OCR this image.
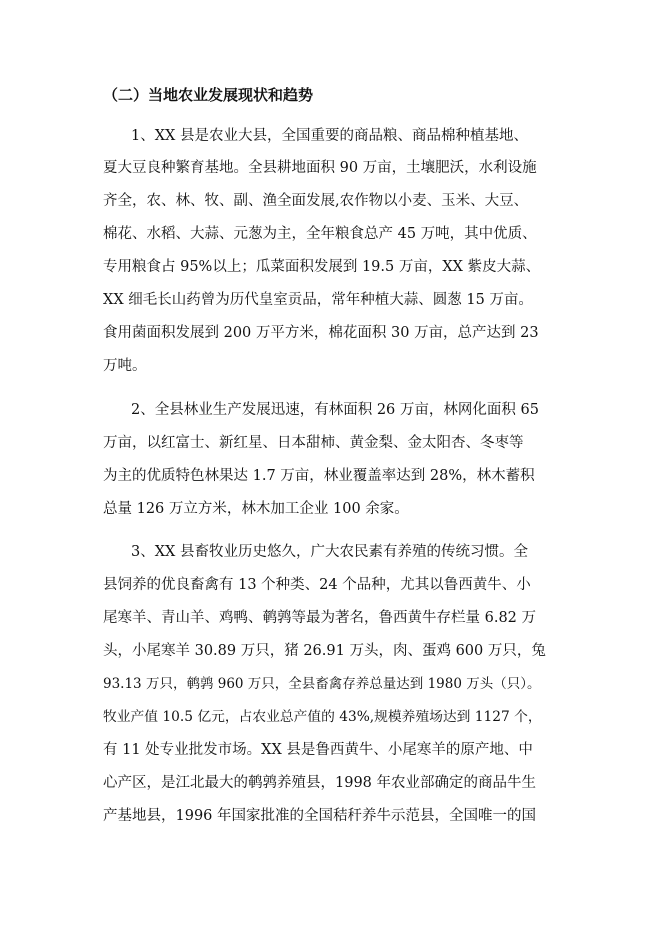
（二）当地农业发展现状和趋势
1、XX 县是农业大县，全国重要的商品粮、商品棉种植基地、
夏大豆良种繁育基地。全县耕地面积 90 万亩，土壤肥沃，水利设施
齐全，农、林、牧、副、渔全面发展,农作物以小麦、玉米、大豆、
棉花、水稻、大蒜、元葱为主，全年粮食总产 45 万吨，其中优质、
专用粮食占 95%以上；瓜菜面积发展到 19.5 万亩，XX 紫皮大蒜、
XX 细毛长山药曾为历代皇室贡品，常年种植大蒜、圆葱 15 万亩。
食用菌面积发展到 200 万平方米，棉花面积 30 万亩，总产达到 23
万吨。
2、全县林业生产发展迅速，有林面积 26 万亩，林网化面积 65
万亩，以红富士、新红星、日本甜柿、黄金梨、金太阳杏、冬枣等
为主的优质特色林果达 1.7 万亩，林业覆盖率达到 28%，林木蓄积
总量 126 万立方米，林木加工企业 100 余家。
3、XX 县畜牧业历史悠久，广大农民素有养殖的传统习惯。全
县饲养的优良畜禽有 13 个种类、24 个品种，尤其以鲁西黄牛、小
尾寒羊、青山羊、鸡鸭、鹌鹑等最为著名，鲁西黄牛存栏量 6.82 万
头，小尾寒羊 30.89 万只，猪 26.91 万头，肉、蛋鸡 600 万只，兔
93.13 万只，鹌鹑 960 万只，全县畜禽存养总量达到 1980 万头（只）。
牧业产值 10.5 亿元，占农业总产值的 43%,规模养殖场达到 1127 个，
有 11 处专业批发市场。XX 县是鲁西黄牛、小尾寒羊的原产地、中
心产区，是江北最大的鹌鹑养殖县，1998 年农业部确定的商品牛生
产基地县，1996 年国家批准的全国秸秆养牛示范县，全国唯一的国
